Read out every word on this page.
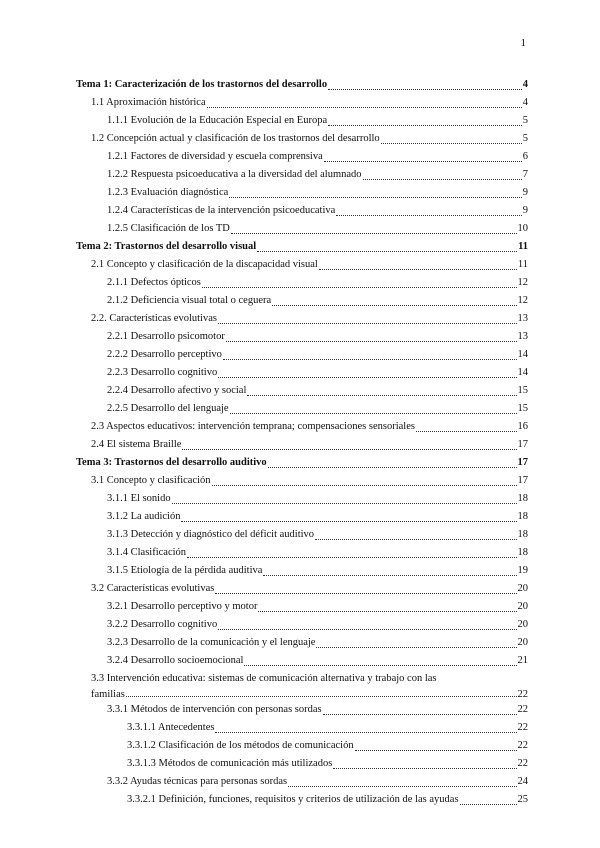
1
Tema 1: Caracterización de los trastornos del desarrollo	4
1.1 Aproximación histórica	4
1.1.1 Evolución de la Educación Especial en Europa	5
1.2 Concepción actual y clasificación de los trastornos del desarrollo	5
1.2.1 Factores de diversidad y escuela comprensiva	6
1.2.2 Respuesta psicoeducativa a la diversidad del alumnado	7
1.2.3 Evaluación diagnóstica	9
1.2.4 Características de la intervención psicoeducativa	9
1.2.5 Clasificación de los TD	10
Tema 2: Trastornos del desarrollo visual	11
2.1 Concepto y clasificación de la discapacidad visual	11
2.1.1 Defectos ópticos	12
2.1.2 Deficiencia visual total o ceguera	12
2.2. Características evolutivas	13
2.2.1 Desarrollo psicomotor	13
2.2.2 Desarrollo perceptivo	14
2.2.3 Desarrollo cognitivo	14
2.2.4 Desarrollo afectivo y social	15
2.2.5 Desarrollo del lenguaje	15
2.3 Aspectos educativos: intervención temprana; compensaciones sensoriales	16
2.4 El sistema Braille	17
Tema 3: Trastornos del desarrollo auditivo	17
3.1 Concepto y clasificación	17
3.1.1 El sonido	18
3.1.2 La audición	18
3.1.3 Detección y diagnóstico del déficit auditivo	18
3.1.4 Clasificación	18
3.1.5 Etiología de la pérdida auditiva	19
3.2 Características evolutivas	20
3.2.1 Desarrollo perceptivo y motor	20
3.2.2 Desarrollo cognitivo	20
3.2.3 Desarrollo de la comunicación y el lenguaje	20
3.2.4 Desarrollo socioemocional	21
3.3 Intervención educativa: sistemas de comunicación alternativa y trabajo con las
familias	22
3.3.1 Métodos de intervención con personas sordas	22
3.3.1.1 Antecedentes	22
3.3.1.2 Clasificación de los métodos de comunicación	22
3.3.1.3 Métodos de comunicación más utilizados	22
3.3.2 Ayudas técnicas para personas sordas	24
3.3.2.1 Definición, funciones, requisitos y criterios de utilización de las ayudas	25
